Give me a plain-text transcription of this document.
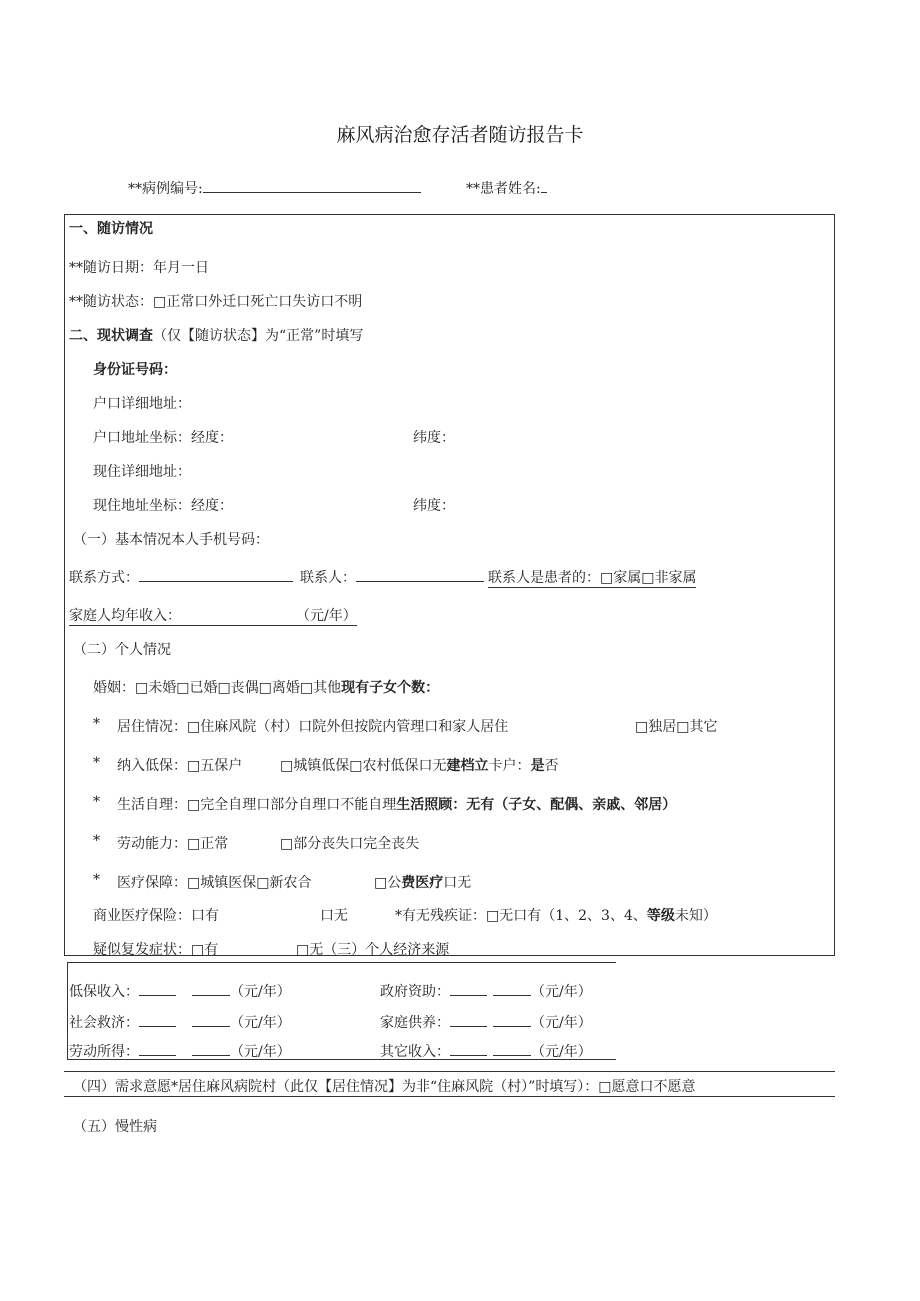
麻风病治愈存活者随访报告卡
**病例编号:	**患者姓名:
一、随访情况
**随访日期：年月一日
**随访状态：□正常口外迁口死亡口失访口不明
二、现状调查（仅【随访状态】为“正常”时填写
身份证号码：
户口详细地址：
户口地址坐标：经度：	纬度：
现住详细地址：
现住地址坐标：经度：	纬度：
（一）基本情况本人手机号码：
联系方式：	联系人：	联系人是患者的：□家属□非家属
家庭人均年收入：	（元/年）
（二）个人情况
婚姻：□未婚□已婚□丧偶□离婚□其他现有子女个数：
* 居住情况：□住麻风院（村）口院外但按院内管理口和家人居住	□独居□其它
* 纳入低保：□五保户	□城镇低保□农村低保口无建档立卡户：是否
* 生活自理：□完全自理口部分自理口不能自理生活照顾：无有（子女、配偶、亲戚、邻居）
* 劳动能力：□正常	□部分丧失口完全丧失
* 医疗保障：□城镇医保□新农合	□公费医疗口无
商业医疗保险：口有	口无	*有无残疾证：□无口有（1、2、3、4、等级未知）
疑似复发症状：□有	□无（三）个人经济来源
低保收入：	（元/年）	政府资助：	（元/年）
社会救济：	（元/年）	家庭供养：	（元/年）
劳动所得：	（元/年）	其它收入：	（元/年）
（四）需求意愿*居住麻风病院村（此仅【居住情况】为非“住麻风院（村）”时填写）：□愿意口不愿意
（五）慢性病
